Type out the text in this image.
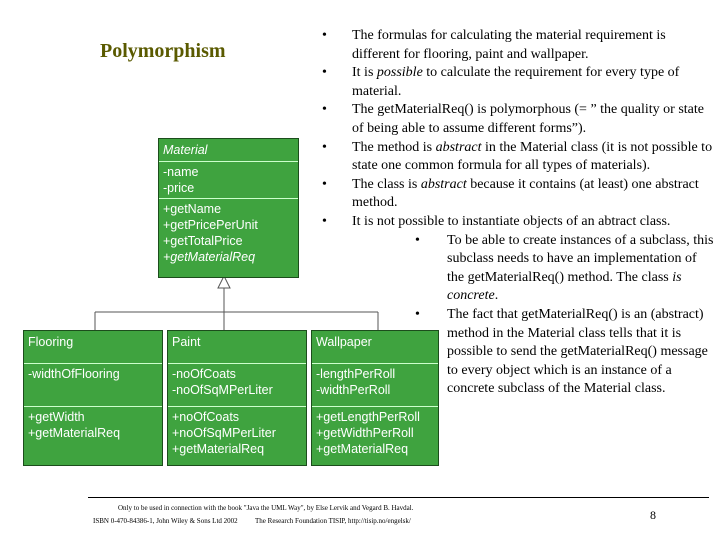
Polymorphism
Material
-name
-price
+getName
+getPricePerUnit
+getTotalPrice
+getMaterialReq
Flooring
-widthOfFlooring
+getWidth
+getMaterialReq
Paint
-noOfCoats
-noOfSqMPerLiter
+noOfCoats
+noOfSqMPerLiter
+getMaterialReq
Wallpaper
-lengthPerRoll
-widthPerRoll
+getLengthPerRoll
+getWidthPerRoll
+getMaterialReq
• The formulas for calculating the material requirement is different for flooring, paint and wallpaper.
• It is possible to calculate the requirement for every type of material.
• The getMaterialReq() is polymorphous (= ” the quality or state of being able to assume different forms”).
• The method is abstract in the Material class (it is not possible to state one common formula for all types of materials).
• The class is abstract because it contains (at least) one abstract method.
• It is not possible to instantiate objects of an abtract class.
• To be able to create instances of a subclass, this subclass needs to have an implementation of the getMaterialReq() method. The class is concrete.
• The fact that getMaterialReq() is an (abstract) method in the Material class tells that it is possible to send the getMaterialReq() message to every object which is an instance of a concrete subclass of the Material class.
Only to be used in connection with the book "Java the UML Way", by Else Lervik and Vegard B. Havdal.
ISBN 0-470-84386-1, John Wiley & Sons Ltd 2002          The Research Foundation TISIP, http://tisip.no/engelsk/	8
